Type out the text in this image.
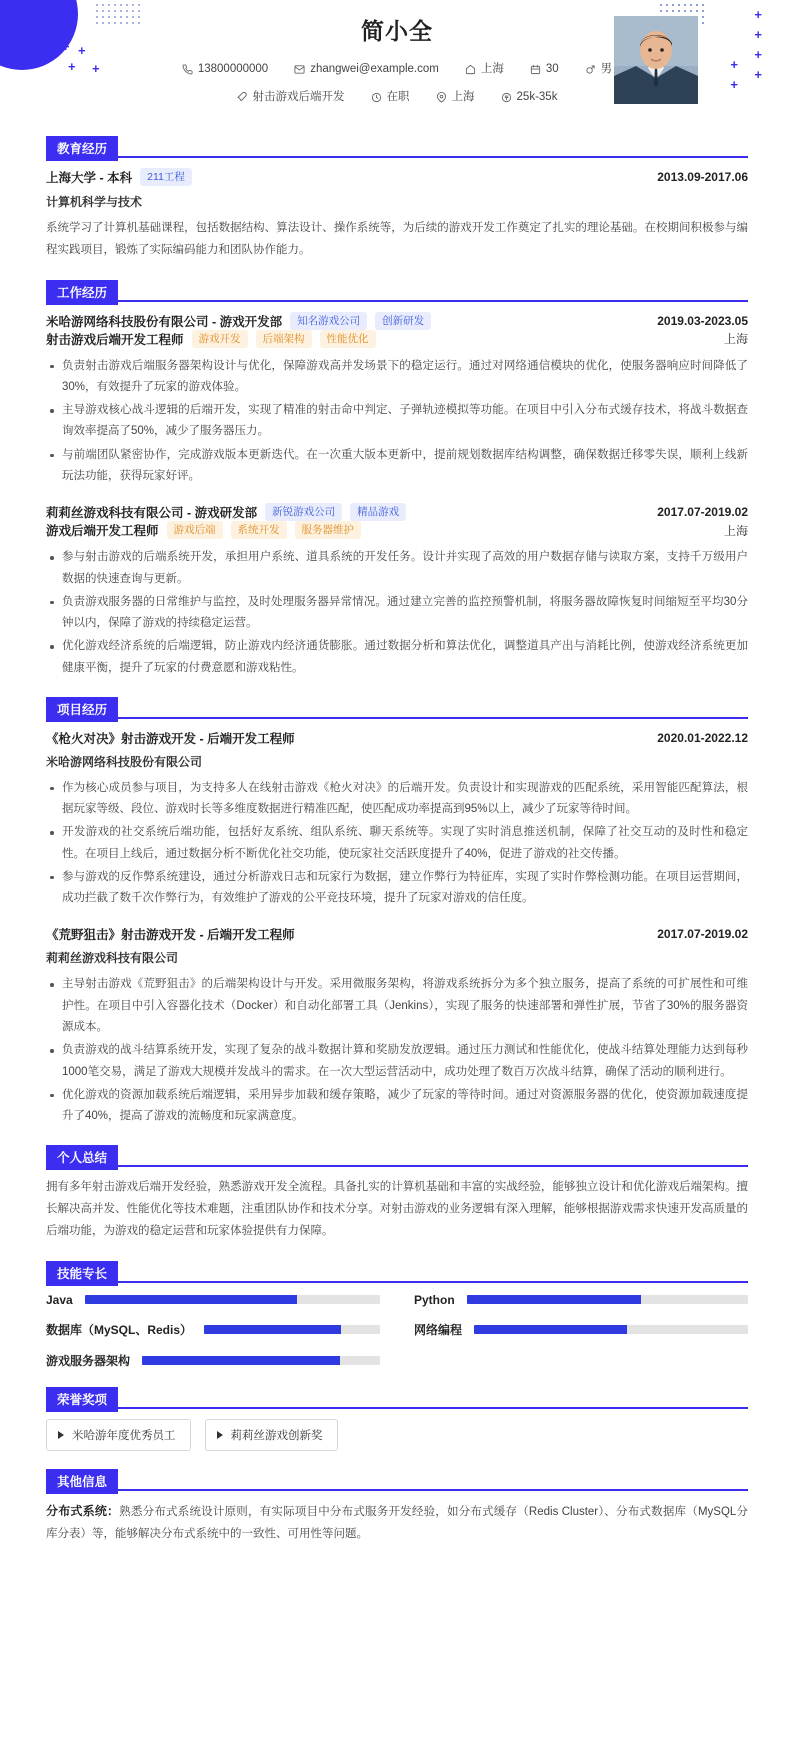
+ +
+
+ +
+ +
+
+
+
+
+
+
简小全
13800000000	zhangwei@example.com	上海	30	男
射击游戏后端开发	在职	上海	25k-35k
教育经历
上海大学 - 本科	211工程	2013.09-2017.06
计算机科学与技术

系统学习了计算机基础课程，包括数据结构、算法设计、操作系统等，为后续的游戏开发工作奠定了扎实的理论基础。在校期间积极参与编程实践项目，锻炼了实际编码能力和团队协作能力。

工作经历
米哈游网络科技股份有限公司 - 游戏开发部	知名游戏公司	创新研发	2019.03-2023.05
射击游戏后端开发工程师	游戏开发	后端架构	性能优化	上海
负责射击游戏后端服务器架构设计与优化，保障游戏高并发场景下的稳定运行。通过对网络通信模块的优化，使服务器响应时间降低了30%，有效提升了玩家的游戏体验。
主导游戏核心战斗逻辑的后端开发，实现了精准的射击命中判定、子弹轨迹模拟等功能。在项目中引入分布式缓存技术，将战斗数据查询效率提高了50%，减少了服务器压力。
与前端团队紧密协作，完成游戏版本更新迭代。在一次重大版本更新中，提前规划数据库结构调整，确保数据迁移零失误，顺利上线新玩法功能，获得玩家好评。
莉莉丝游戏科技有限公司 - 游戏研发部	新锐游戏公司	精品游戏	2017.07-2019.02
游戏后端开发工程师	游戏后端	系统开发	服务器维护	上海
参与射击游戏的后端系统开发，承担用户系统、道具系统的开发任务。设计并实现了高效的用户数据存储与读取方案，支持千万级用户数据的快速查询与更新。
负责游戏服务器的日常维护与监控，及时处理服务器异常情况。通过建立完善的监控预警机制，将服务器故障恢复时间缩短至平均30分钟以内，保障了游戏的持续稳定运营。
优化游戏经济系统的后端逻辑，防止游戏内经济通货膨胀。通过数据分析和算法优化，调整道具产出与消耗比例，使游戏经济系统更加健康平衡，提升了玩家的付费意愿和游戏粘性。
项目经历
《枪火对决》射击游戏开发 - 后端开发工程师	2020.01-2022.12
米哈游网络科技股份有限公司
作为核心成员参与项目，为支持多人在线射击游戏《枪火对决》的后端开发。负责设计和实现游戏的匹配系统，采用智能匹配算法，根据玩家等级、段位、游戏时长等多维度数据进行精准匹配，使匹配成功率提高到95%以上，减少了玩家等待时间。
开发游戏的社交系统后端功能，包括好友系统、组队系统、聊天系统等。实现了实时消息推送机制，保障了社交互动的及时性和稳定性。在项目上线后，通过数据分析不断优化社交功能，使玩家社交活跃度提升了40%，促进了游戏的社交传播。
参与游戏的反作弊系统建设，通过分析游戏日志和玩家行为数据，建立作弊行为特征库，实现了实时作弊检测功能。在项目运营期间，成功拦截了数千次作弊行为，有效维护了游戏的公平竞技环境，提升了玩家对游戏的信任度。
《荒野狙击》射击游戏开发 - 后端开发工程师	2017.07-2019.02
莉莉丝游戏科技有限公司
主导射击游戏《荒野狙击》的后端架构设计与开发。采用微服务架构，将游戏系统拆分为多个独立服务，提高了系统的可扩展性和可维护性。在项目中引入容器化技术（Docker）和自动化部署工具（Jenkins），实现了服务的快速部署和弹性扩展，节省了30%的服务器资源成本。
负责游戏的战斗结算系统开发，实现了复杂的战斗数据计算和奖励发放逻辑。通过压力测试和性能优化，使战斗结算处理能力达到每秒1000笔交易，满足了游戏大规模并发战斗的需求。在一次大型运营活动中，成功处理了数百万次战斗结算，确保了活动的顺利进行。
优化游戏的资源加载系统后端逻辑，采用异步加载和缓存策略，减少了玩家的等待时间。通过对资源服务器的优化，使资源加载速度提升了40%，提高了游戏的流畅度和玩家满意度。
个人总结

拥有多年射击游戏后端开发经验，熟悉游戏开发全流程。具备扎实的计算机基础和丰富的实战经验，能够独立设计和优化游戏后端架构。擅长解决高并发、性能优化等技术难题，注重团队协作和技术分享。对射击游戏的业务逻辑有深入理解，能够根据游戏需求快速开发高质量的后端功能，为游戏的稳定运营和玩家体验提供有力保障。

技能专长
Java	Python
数据库（MySQL、Redis）	网络编程
游戏服务器架构
荣誉奖项
米哈游年度优秀员工	莉莉丝游戏创新奖
其他信息
分布式系统：熟悉分布式系统设计原则，有实际项目中分布式服务开发经验，如分布式缓存（Redis Cluster）、分布式数据库（MySQL分库分表）等，能够解决分布式系统中的一致性、可用性等问题。
